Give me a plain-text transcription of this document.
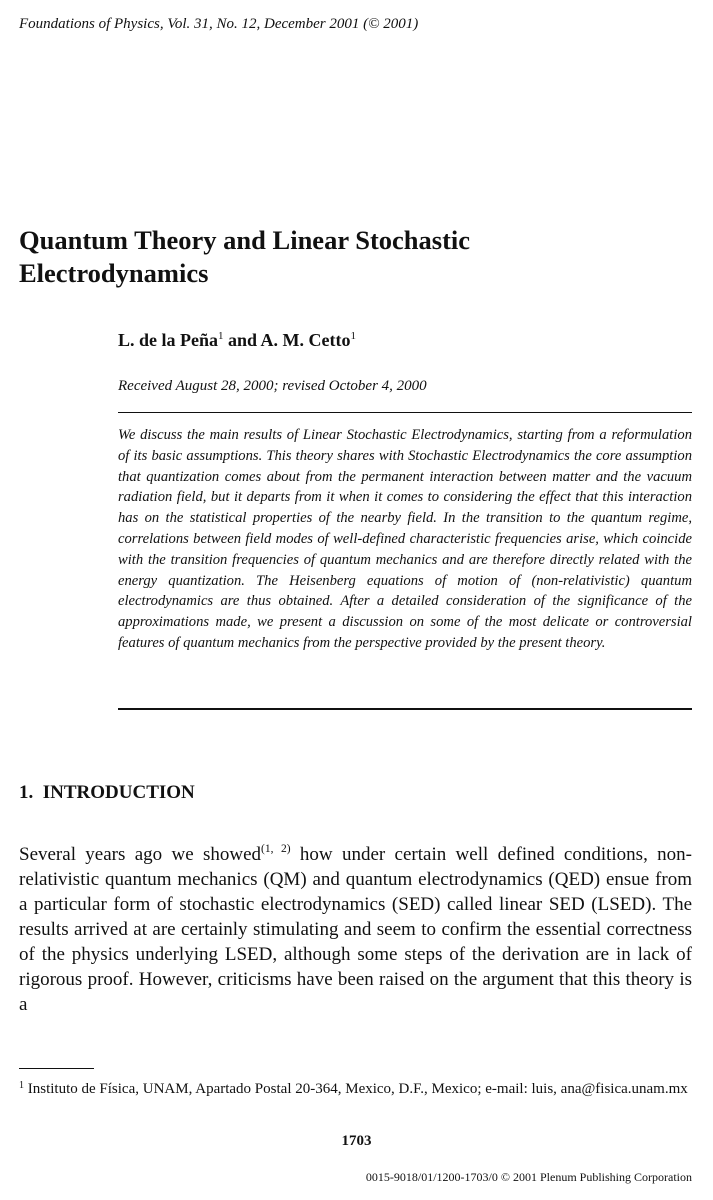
Foundations of Physics, Vol. 31, No. 12, December 2001 (© 2001)
Quantum Theory and Linear Stochastic
Electrodynamics
L. de la Peña$^1$ and A. M. Cetto$^1$
Received August 28, 2000; revised October 4, 2000
We discuss the main results of Linear Stochastic Electrodynamics, starting from a reformulation of its basic assumptions. This theory shares with Stochastic Electrodynamics the core assumption that quantization comes about from the permanent interaction between matter and the vacuum radiation field, but it departs from it when it comes to considering the effect that this interaction has on the statistical properties of the nearby field. In the transition to the quantum regime, correlations between field modes of well-defined characteristic frequencies arise, which coincide with the transition frequencies of quantum mechanics and are therefore directly related with the energy quantization. The Heisenberg equations of motion of (non-relativistic) quantum electrodynamics are thus obtained. After a detailed consideration of the significance of the approximations made, we present a discussion on some of the most delicate or controversial features of quantum mechanics from the perspective provided by the present theory.
1.  INTRODUCTION
Several years ago we showed$^{(1, 2)}$ how under certain well defined conditions, non-relativistic quantum mechanics (QM) and quantum electrodynamics (QED) ensue from a particular form of stochastic electrodynamics (SED) called linear SED (LSED). The results arrived at are certainly stimulating and seem to confirm the essential correctness of the physics underlying LSED, although some steps of the derivation are in lack of rigorous proof. However, criticisms have been raised on the argument that this theory is a
$^1$ Instituto de Física, UNAM, Apartado Postal 20-364, Mexico, D.F., Mexico; e-mail: luis, ana@fisica.unam.mx
1703
0015-9018/01/1200-1703/0 © 2001 Plenum Publishing Corporation
